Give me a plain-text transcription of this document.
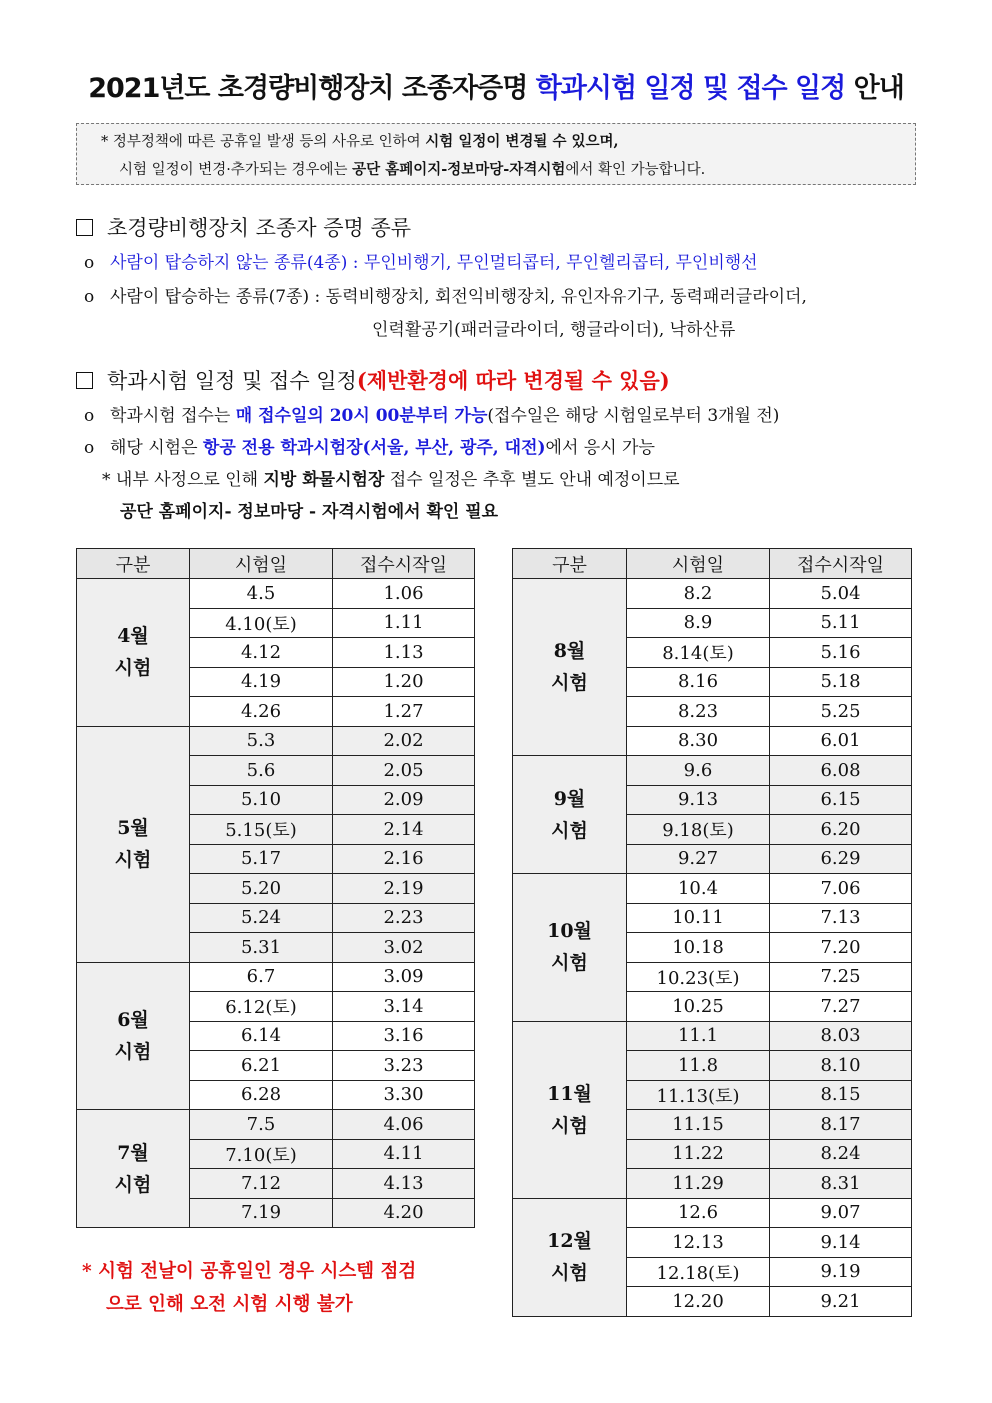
2021년도 초경량비행장치 조종자증명 학과시험 일정 및 접수 일정 안내
* 정부정책에 따른 공휴일 발생 등의 사유로 인하여 시험 일정이 변경될 수 있으며,
시험 일정이 변경·추가되는 경우에는 공단 홈페이지-정보마당-자격시험에서 확인 가능합니다.
초경량비행장치 조종자 증명 종류
o 사람이 탑승하지 않는 종류(4종) : 무인비행기, 무인멀티콥터, 무인헬리콥터, 무인비행선
o 사람이 탑승하는 종류(7종) : 동력비행장치, 회전익비행장치, 유인자유기구, 동력패러글라이더,
인력활공기(패러글라이더, 행글라이더), 낙하산류
학과시험 일정 및 접수 일정(제반환경에 따라 변경될 수 있음)
o 학과시험 접수는 매 접수일의 20시 00분부터 가능(접수일은 해당 시험일로부터 3개월 전)
o 해당 시험은 항공 전용 학과시험장(서울, 부산, 광주, 대전)에서 응시 가능
* 내부 사정으로 인해 지방 화물시험장 접수 일정은 추후 별도 안내 예정이므로
공단 홈페이지- 정보마당 - 자격시험에서 확인 필요
구분	시험일	접수시작일

4월
시험	4.5	1.06
	4.10(토)	1.11
	4.12	1.13
	4.19	1.20
	4.26	1.27

5월
시험	5.3	2.02
	5.6	2.05
	5.10	2.09
	5.15(토)	2.14
	5.17	2.16
	5.20	2.19
	5.24	2.23
	5.31	3.02

6월
시험	6.7	3.09
	6.12(토)	3.14
	6.14	3.16
	6.21	3.23
	6.28	3.30

7월
시험	7.5	4.06
	7.10(토)	4.11
	7.12	4.13
	7.19	4.20
구분	시험일	접수시작일

8월
시험	8.2	5.04
	8.9	5.11
	8.14(토)	5.16
	8.16	5.18
	8.23	5.25
	8.30	6.01

9월
시험	9.6	6.08
	9.13	6.15
	9.18(토)	6.20
	9.27	6.29

10월
시험	10.4	7.06
	10.11	7.13
	10.18	7.20
	10.23(토)	7.25
	10.25	7.27

11월
시험	11.1	8.03
	11.8	8.10
	11.13(토)	8.15
	11.15	8.17
	11.22	8.24
	11.29	8.31

12월
시험	12.6	9.07
	12.13	9.14
	12.18(토)	9.19
	12.20	9.21
* 시험 전날이 공휴일인 경우 시스템 점검
으로 인해 오전 시험 시행 불가
